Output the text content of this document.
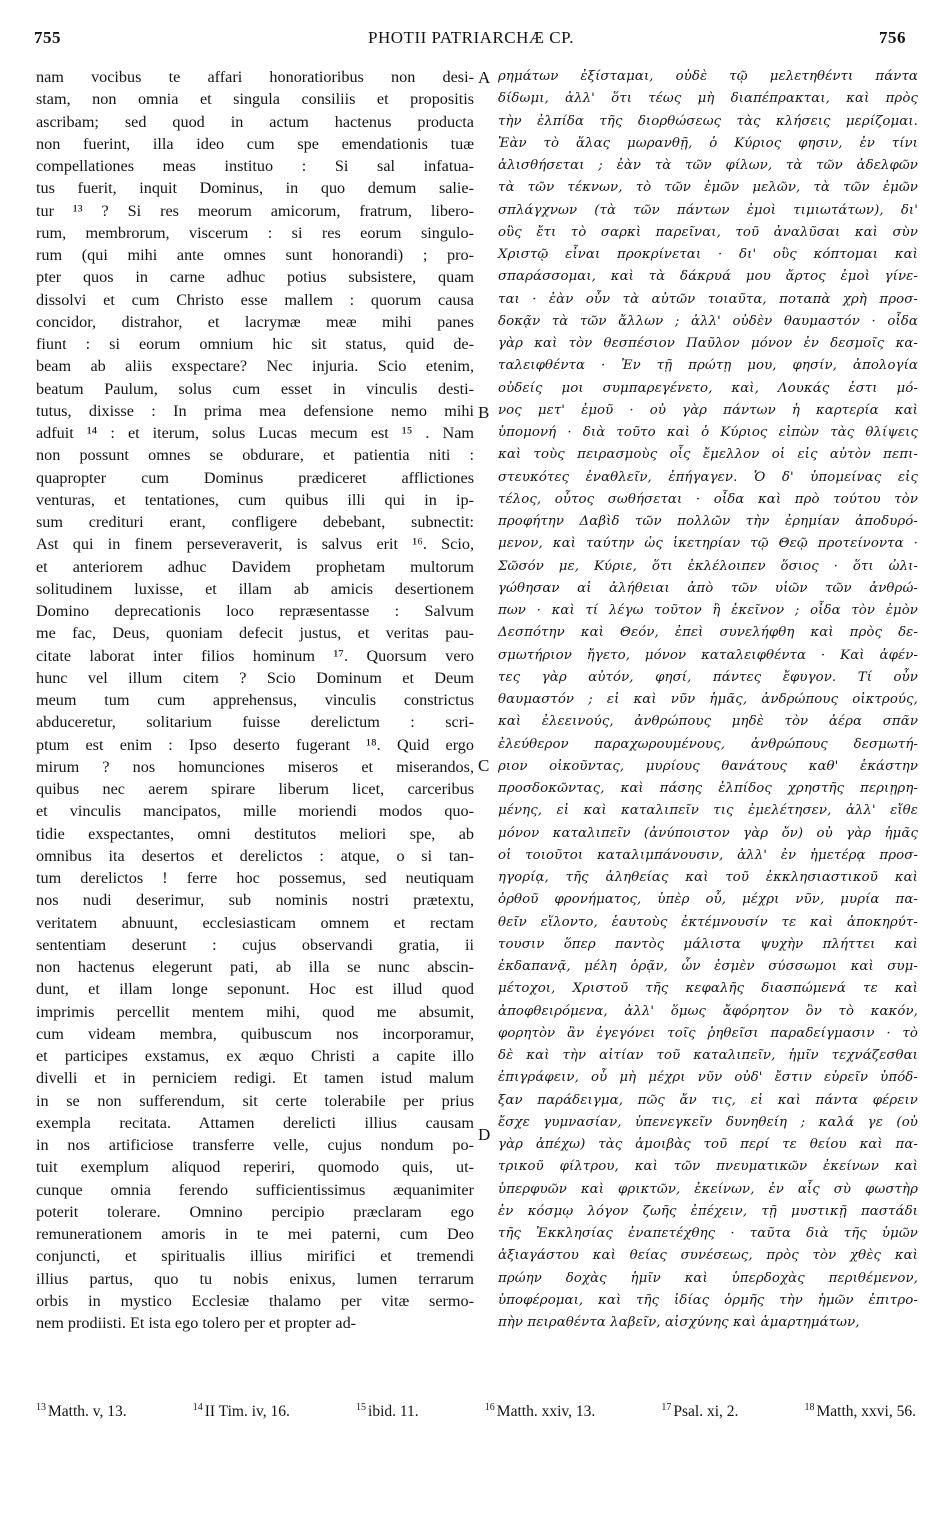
755	PHOTII PATRIARCHÆ CP.	756
nam vocibus te affari honoratioribus non desi-
stam, non omnia et singula consiliis et propositis
ascribam; sed quod in actum hactenus producta
non fuerint, illa ideo cum spe emendationis tuæ
compellationes meas instituo : Si sal infatua-
tus fuerit, inquit Dominus, in quo demum salie-
tur ¹³ ? Si res meorum amicorum, fratrum, libero-
rum, membrorum, viscerum : si res eorum singulo-
rum (qui mihi ante omnes sunt honorandi) ; pro-
pter quos in carne adhuc potius subsistere, quam
dissolvi et cum Christo esse mallem : quorum causa
concidor, distrahor, et lacrymæ meæ mihi panes
fiunt : si eorum omnium hic sit status, quid de-
beam ab aliis exspectare? Nec injuria. Scio etenim,
beatum Paulum, solus cum esset in vinculis desti-
tutus, dixisse : In prima mea defensione nemo mihi
adfuit ¹⁴ : et iterum, solus Lucas mecum est ¹⁵ . Nam
non possunt omnes se obdurare, et patientia niti :
quapropter cum Dominus prædiceret afflictiones
venturas, et tentationes, cum quibus illi qui in ip-
sum credituri erant, confligere debebant, subnectit:
Ast qui in finem perseveraverit, is salvus erit ¹⁶. Scio,
et anteriorem adhuc Davidem prophetam multorum
solitudinem luxisse, et illam ab amicis desertionem
Domino deprecationis loco repræsentasse : Salvum
me fac, Deus, quoniam defecit justus, et veritas pau-
citate laborat inter filios hominum ¹⁷. Quorsum vero
hunc vel illum citem ? Scio Dominum et Deum
meum tum cum apprehensus, vinculis constrictus
abduceretur, solitarium fuisse derelictum : scri-
ptum est enim : Ipso deserto fugerant ¹⁸. Quid ergo
mirum ? nos homunciones miseros et miserandos,
quibus nec aerem spirare liberum licet, carceribus
et vinculis mancipatos, mille moriendi modos quo-
tidie exspectantes, omni destitutos meliori spe, ab
omnibus ita desertos et derelictos : atque, o si tan-
tum derelictos ! ferre hoc possemus, sed neutiquam
nos nudi deserimur, sub nominis nostri prætextu,
veritatem abnuunt, ecclesiasticam omnem et rectam
sententiam deserunt : cujus observandi gratia, ii
non hactenus elegerunt pati, ab illa se nunc abscin-
dunt, et illam longe seponunt. Hoc est illud quod
imprimis percellit mentem mihi, quod me absumit,
cum videam membra, quibuscum nos incorporamur,
et participes exstamus, ex æquo Christi a capite illo
divelli et in perniciem redigi. Et tamen istud malum
in se non sufferendum, sit certe tolerabile per prius
exempla recitata. Attamen derelicti illius causam
in nos artificiose transferre velle, cujus nondum po-
tuit exemplum aliquod reperiri, quomodo quis, ut-
cunque omnia ferendo sufficientissimus æquanimiter
poterit tolerare. Omnino percipio præclaram ego
remunerationem amoris in te mei paterni, cum Deo
conjuncti, et spiritualis illius mirifici et tremendi
illius partus, quo tu nobis enixus, lumen terrarum
orbis in mystico Ecclesiæ thalamo per vitæ sermo-
nem prodiisti. Et ista ego tolero per et propter ad-
A
B
C
D
ρημάτων ἐξίσταμαι, οὐδὲ τῷ μελετηθέντι πάντα
δίδωμι, ἀλλ' ὅτι τέως μὴ διαπέπρακται, καὶ πρὸς
τὴν ἐλπίδα τῆς διορθώσεως τὰς κλήσεις μερίζομαι.
Ἐὰν τὸ ἅλας μωρανθῇ, ὁ Κύριος φησιν, ἐν τίνι
ἁλισθήσεται ; ἐὰν τὰ τῶν φίλων, τὰ τῶν ἀδελφῶν
τὰ τῶν τέκνων, τὸ τῶν ἐμῶν μελῶν, τὰ τῶν ἐμῶν
σπλάγχνων (τὰ τῶν πάντων ἐμοὶ τιμιωτάτων), δι'
οὓς ἔτι τὸ σαρκὶ παρεῖναι, τοῦ ἀναλῦσαι καὶ σὺν
Χριστῷ εἶναι προκρίνεται · δι' οὓς κόπτομαι καὶ
σπαράσσομαι, καὶ τὰ δάκρυά μου ἄρτος ἐμοὶ γίνε-
ται · ἐὰν οὖν τὰ αὐτῶν τοιαῦτα, ποταπὰ χρὴ προσ-
δοκᾷν τὰ τῶν ἄλλων ; ἀλλ' οὐδὲν θαυμαστόν · οἶδα
γὰρ καὶ τὸν θεσπέσιον Παῦλον μόνον ἐν δεσμοῖς κα-
ταλειφθέντα · Ἐν τῇ πρώτῃ μου, φησίν, ἀπολογία
οὐδείς μοι συμπαρεγένετο, καὶ, Λουκάς ἐστι μό-
νος μετ' ἐμοῦ · οὐ γὰρ πάντων ἡ καρτερία καὶ
ὑπομονή · διὰ τοῦτο καὶ ὁ Κύριος εἰπὼν τὰς θλίψεις
καὶ τοὺς πειρασμοὺς οἷς ἔμελλον οἱ εἰς αὐτὸν πεπι-
στευκότες ἐναθλεῖν, ἐπήγαγεν. Ὁ δ' ὑπομείνας εἰς
τέλος, οὗτος σωθήσεται · οἶδα καὶ πρὸ τούτου τὸν
προφήτην Δαβὶδ τῶν πολλῶν τὴν ἐρημίαν ἀποδυρό-
μενον, καὶ ταύτην ὡς ἱκετηρίαν τῷ Θεῷ προτείνοντα ·
Σῶσόν με, Κύριε, ὅτι ἐκλέλοιπεν ὅσιος · ὅτι ὠλι-
γώθησαν αἱ ἀλήθειαι ἀπὸ τῶν υἱῶν τῶν ἀνθρώ-
πων · καὶ τί λέγω τοῦτον ἢ ἐκεῖνον ; οἶδα τὸν ἐμὸν
Δεσπότην καὶ Θεόν, ἐπεὶ συνελήφθη καὶ πρὸς δε-
σμωτήριον ἤγετο, μόνον καταλειφθέντα · Καὶ ἀφέν-
τες γὰρ αὐτόν, φησί, πάντες ἔφυγον. Τί οὖν
θαυμαστόν ; εἰ καὶ νῦν ἡμᾶς, ἀνδρώπους οἰκτρούς,
καὶ ἐλεεινούς, ἀνθρώπους μηδὲ τὸν ἀέρα σπᾶν
ἐλεύθερον παραχωρουμένους, ἀνθρώπους δεσμωτή-
ριον οἰκοῦντας, μυρίους θανάτους καθ' ἑκάστην
προσδοκῶντας, καὶ πάσης ἐλπίδος χρηστῆς περιῃρη-
μένης, εἰ καὶ καταλιπεῖν τις ἐμελέτησεν, ἀλλ' εἴθε
μόνον καταλιπεῖν (ἀνύποιστον γὰρ ὄν) οὐ γὰρ ἡμᾶς
οἱ τοιοῦτοι καταλιμπάνουσιν, ἀλλ' ἐν ἡμετέρᾳ προσ-
ηγορίᾳ, τῆς ἀληθείας καὶ τοῦ ἐκκλησιαστικοῦ καὶ
ὀρθοῦ φρονήματος, ὑπὲρ οὗ, μέχρι νῦν, μυρία πα-
θεῖν εἵλοντο, ἑαυτοὺς ἐκτέμνουσίν τε καὶ ἀποκηρύτ-
τουσιν ὅπερ παντὸς μάλιστα ψυχὴν πλήττει καὶ
ἐκδαπανᾷ, μέλη ὁρᾷν, ὧν ἐσμὲν σύσσωμοι καὶ συμ-
μέτοχοι, Χριστοῦ τῆς κεφαλῆς διασπώμενά τε καὶ
ἀποφθειρόμενα, ἀλλ' ὅμως ἄφόρητον ὂν τὸ κακόν,
φορητὸν ἂν ἐγεγόνει τοῖς ῥηθεῖσι παραδείγμασιν · τὸ
δὲ καὶ τὴν αἰτίαν τοῦ καταλιπεῖν, ἡμῖν τεχνάζεσθαι
ἐπιγράφειν, οὗ μὴ μέχρι νῦν οὐδ' ἔστιν εὑρεῖν ὑπόδ-
ξαν παράδειγμα, πῶς ἄν τις, εἰ καὶ πάντα φέρειν
ἔσχε γυμνασίαν, ὑπενεγκεῖν δυνηθείη ; καλά γε (οὐ
γὰρ ἀπέχω) τὰς ἀμοιβὰς τοῦ περί τε θείου καὶ πα-
τρικοῦ φίλτρου, καὶ τῶν πνευματικῶν ἐκείνων καὶ
ὑπερφυῶν καὶ φρικτῶν, ἐκείνων, ἐν αἷς σὺ φωστὴρ
ἐν κόσμῳ λόγον ζωῆς ἐπέχειν, τῇ μυστικῇ παστάδι
τῆς Ἐκκλησίας ἐναπετέχθης · ταῦτα διὰ τῆς ὑμῶν
ἀξιαγάστου καὶ θείας συνέσεως, πρὸς τὸν χθὲς καὶ
πρώην δοχὰς ἡμῖν καὶ ὑπερδοχὰς περιθέμενον,
ὑποφέρομαι, καὶ τῆς ἰδίας ὁρμῆς τὴν ἡμῶν ἐπιτρο-
πὴν πειραθέντα λαβεῖν, αἰσχύνης καὶ ἁμαρτημάτων,
$^{13}$ Matth. v, 13.	$^{14}$ II Tim. iv, 16.	$^{15}$ ibid. 11.	$^{16}$ Matth. xxiv, 13.	$^{17}$ Psal. xi, 2.	$^{18}$ Matth, xxvi, 56.
